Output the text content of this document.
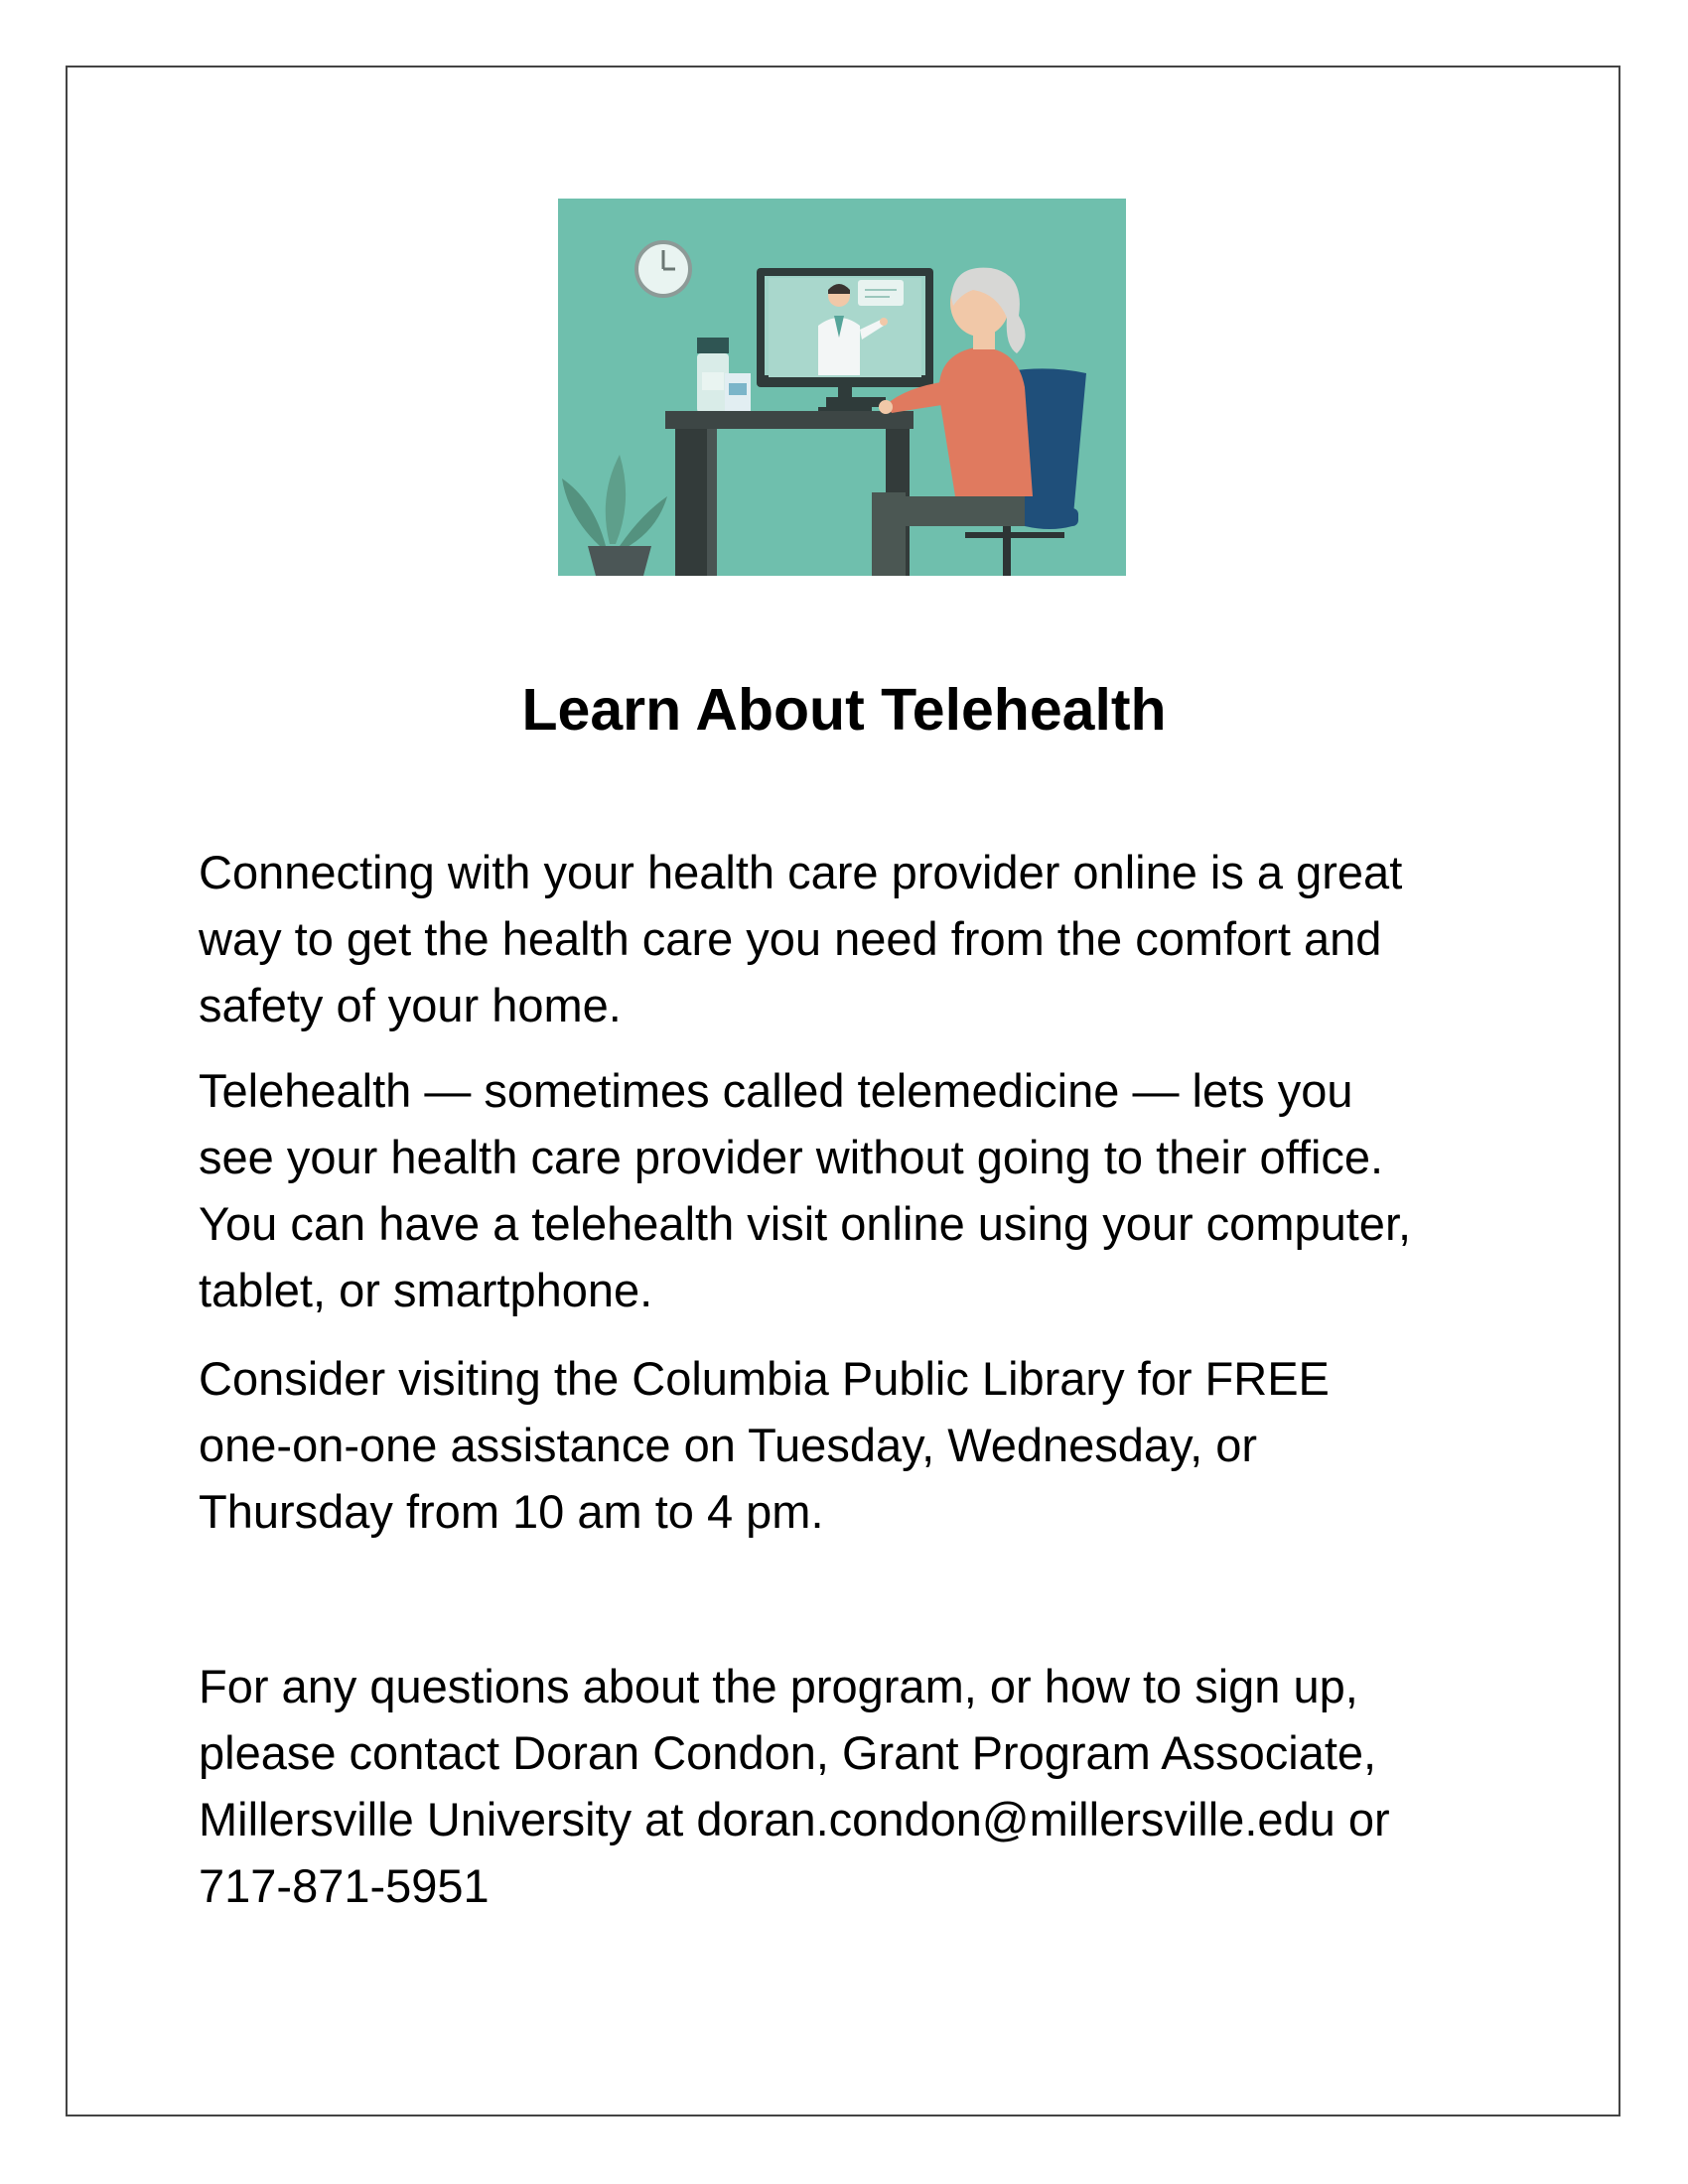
Learn About Telehealth

Connecting with your health care provider online is a great
way to get the health care you need from the comfort and
safety of your home.

Telehealth — sometimes called telemedicine — lets you
see your health care provider without going to their office.
You can have a telehealth visit online using your computer,
tablet, or smartphone.

Consider visiting the Columbia Public Library for FREE
one-on-one assistance on Tuesday, Wednesday, or
Thursday from 10 am to 4 pm.

For any questions about the program, or how to sign up,
please contact Doran Condon, Grant Program Associate,
Millersville University at doran.condon@millersville.edu or
717-871-5951
